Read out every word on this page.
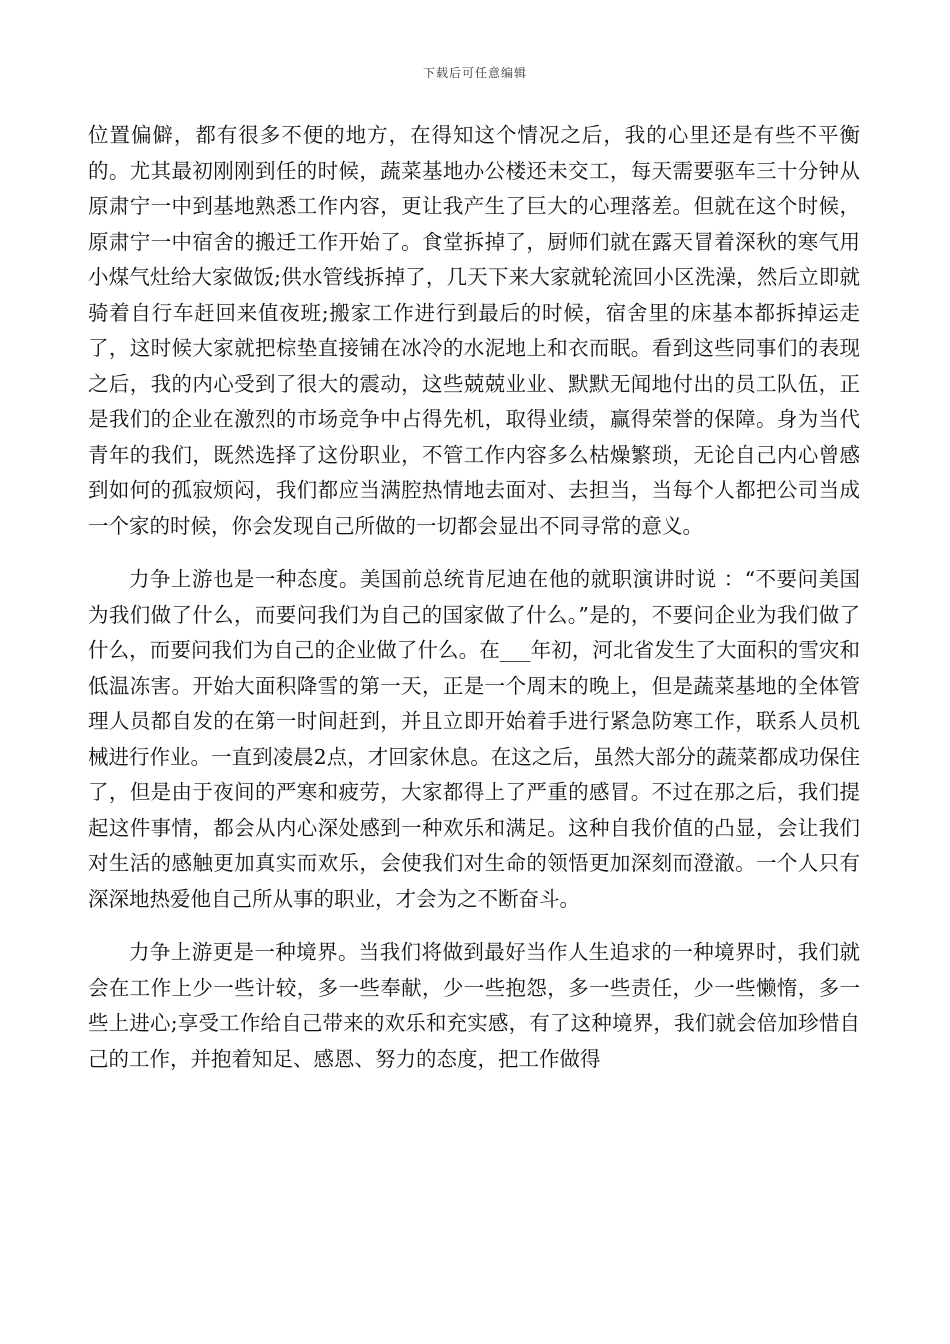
下载后可任意编辑

位置偏僻，都有很多不便的地方，在得知这个情况之后，我的心里还是有些不平衡的。尤其最初刚刚到任的时候，蔬菜基地办公楼还未交工，每天需要驱车三十分钟从原肃宁一中到基地熟悉工作内容，更让我产生了巨大的心理落差。但就在这个时候，原肃宁一中宿舍的搬迁工作开始了。食堂拆掉了，厨师们就在露天冒着深秋的寒气用小煤气灶给大家做饭;供水管线拆掉了，几天下来大家就轮流回小区洗澡，然后立即就骑着自行车赶回来值夜班;搬家工作进行到最后的时候，宿舍里的床基本都拆掉运走了，这时候大家就把棕垫直接铺在冰冷的水泥地上和衣而眠。看到这些同事们的表现之后，我的内心受到了很大的震动，这些兢兢业业、默默无闻地付出的员工队伍，正是我们的企业在激烈的市场竞争中占得先机，取得业绩，赢得荣誉的保障。身为当代青年的我们，既然选择了这份职业，不管工作内容多么枯燥繁琐，无论自己内心曾感到如何的孤寂烦闷，我们都应当满腔热情地去面对、去担当，当每个人都把公司当成一个家的时候，你会发现自己所做的一切都会显出不同寻常的意义。

力争上游也是一种态度。美国前总统肯尼迪在他的就职演讲时说 ：“不要问美国为我们做了什么，而要问我们为自己的国家做了什么。”是的，不要问企业为我们做了什么，而要问我们为自己的企业做了什么。在___年初，河北省发生了大面积的雪灾和低温冻害。开始大面积降雪的第一天，正是一个周末的晚上，但是蔬菜基地的全体管理人员都自发的在第一时间赶到，并且立即开始着手进行紧急防寒工作，联系人员机械进行作业。一直到凌晨2点，才回家休息。在这之后，虽然大部分的蔬菜都成功保住了，但是由于夜间的严寒和疲劳，大家都得上了严重的感冒。不过在那之后，我们提起这件事情，都会从内心深处感到一种欢乐和满足。这种自我价值的凸显，会让我们对生活的感触更加真实而欢乐，会使我们对生命的领悟更加深刻而澄澈。一个人只有深深地热爱他自己所从事的职业，才会为之不断奋斗。

力争上游更是一种境界。当我们将做到最好当作人生追求的一种境界时，我们就会在工作上少一些计较，多一些奉献，少一些抱怨，多一些责任，少一些懒惰，多一些上进心;享受工作给自己带来的欢乐和充实感，有了这种境界，我们就会倍加珍惜自己的工作，并抱着知足、感恩、努力的态度，把工作做得
